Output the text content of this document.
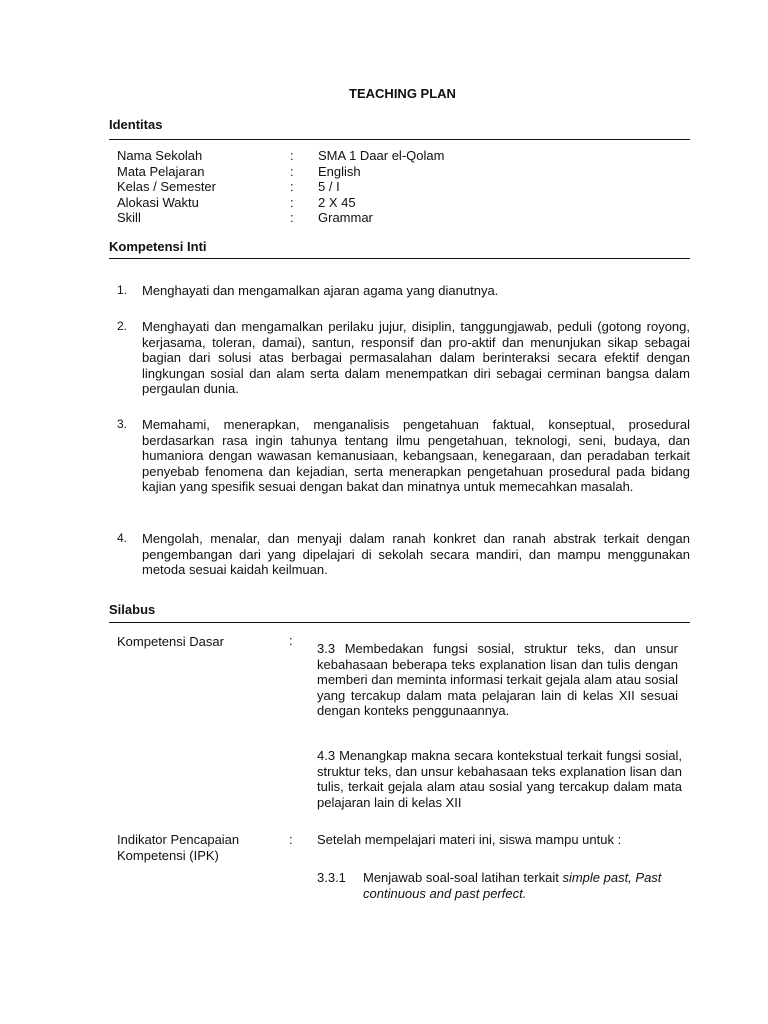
TEACHING PLAN
Identitas
Nama Sekolah	: SMA 1 Daar el-Qolam
Mata Pelajaran	: English
Kelas / Semester	: 5 / I
Alokasi Waktu	: 2 X 45
Skill	: Grammar
Kompetensi Inti
1. Menghayati dan mengamalkan ajaran agama yang dianutnya.
2. Menghayati dan mengamalkan perilaku jujur, disiplin, tanggungjawab, peduli (gotong royong, kerjasama, toleran, damai), santun, responsif dan pro-aktif dan menunjukan sikap sebagai bagian dari solusi atas berbagai permasalahan dalam berinteraksi secara efektif dengan lingkungan sosial dan alam serta dalam menempatkan diri sebagai cerminan bangsa dalam pergaulan dunia.
3. Memahami, menerapkan, menganalisis pengetahuan faktual, konseptual, prosedural berdasarkan rasa ingin tahunya tentang ilmu pengetahuan, teknologi, seni, budaya, dan humaniora dengan wawasan kemanusiaan, kebangsaan, kenegaraan, dan peradaban terkait penyebab fenomena dan kejadian, serta menerapkan pengetahuan prosedural pada bidang kajian yang spesifik sesuai dengan bakat dan minatnya untuk memecahkan masalah.
4. Mengolah, menalar, dan menyaji dalam ranah konkret dan ranah abstrak terkait dengan pengembangan dari yang dipelajari di sekolah secara mandiri, dan mampu menggunakan metoda sesuai kaidah keilmuan.
Silabus
Kompetensi Dasar	:
3.3 Membedakan fungsi sosial, struktur teks, dan unsur kebahasaan beberapa teks explanation lisan dan tulis dengan memberi dan meminta informasi terkait gejala alam atau sosial yang tercakup dalam mata pelajaran lain di kelas XII sesuai dengan konteks penggunaannya.
4.3 Menangkap makna secara kontekstual terkait fungsi sosial, struktur teks, dan unsur kebahasaan teks explanation lisan dan tulis, terkait gejala alam atau sosial yang tercakup dalam mata pelajaran lain di kelas XII
Indikator Pencapaian
Kompetensi (IPK)
: Setelah mempelajari materi ini, siswa mampu untuk :
3.3.1 Menjawab soal-soal latihan terkait simple past, Past continuous and past perfect.
